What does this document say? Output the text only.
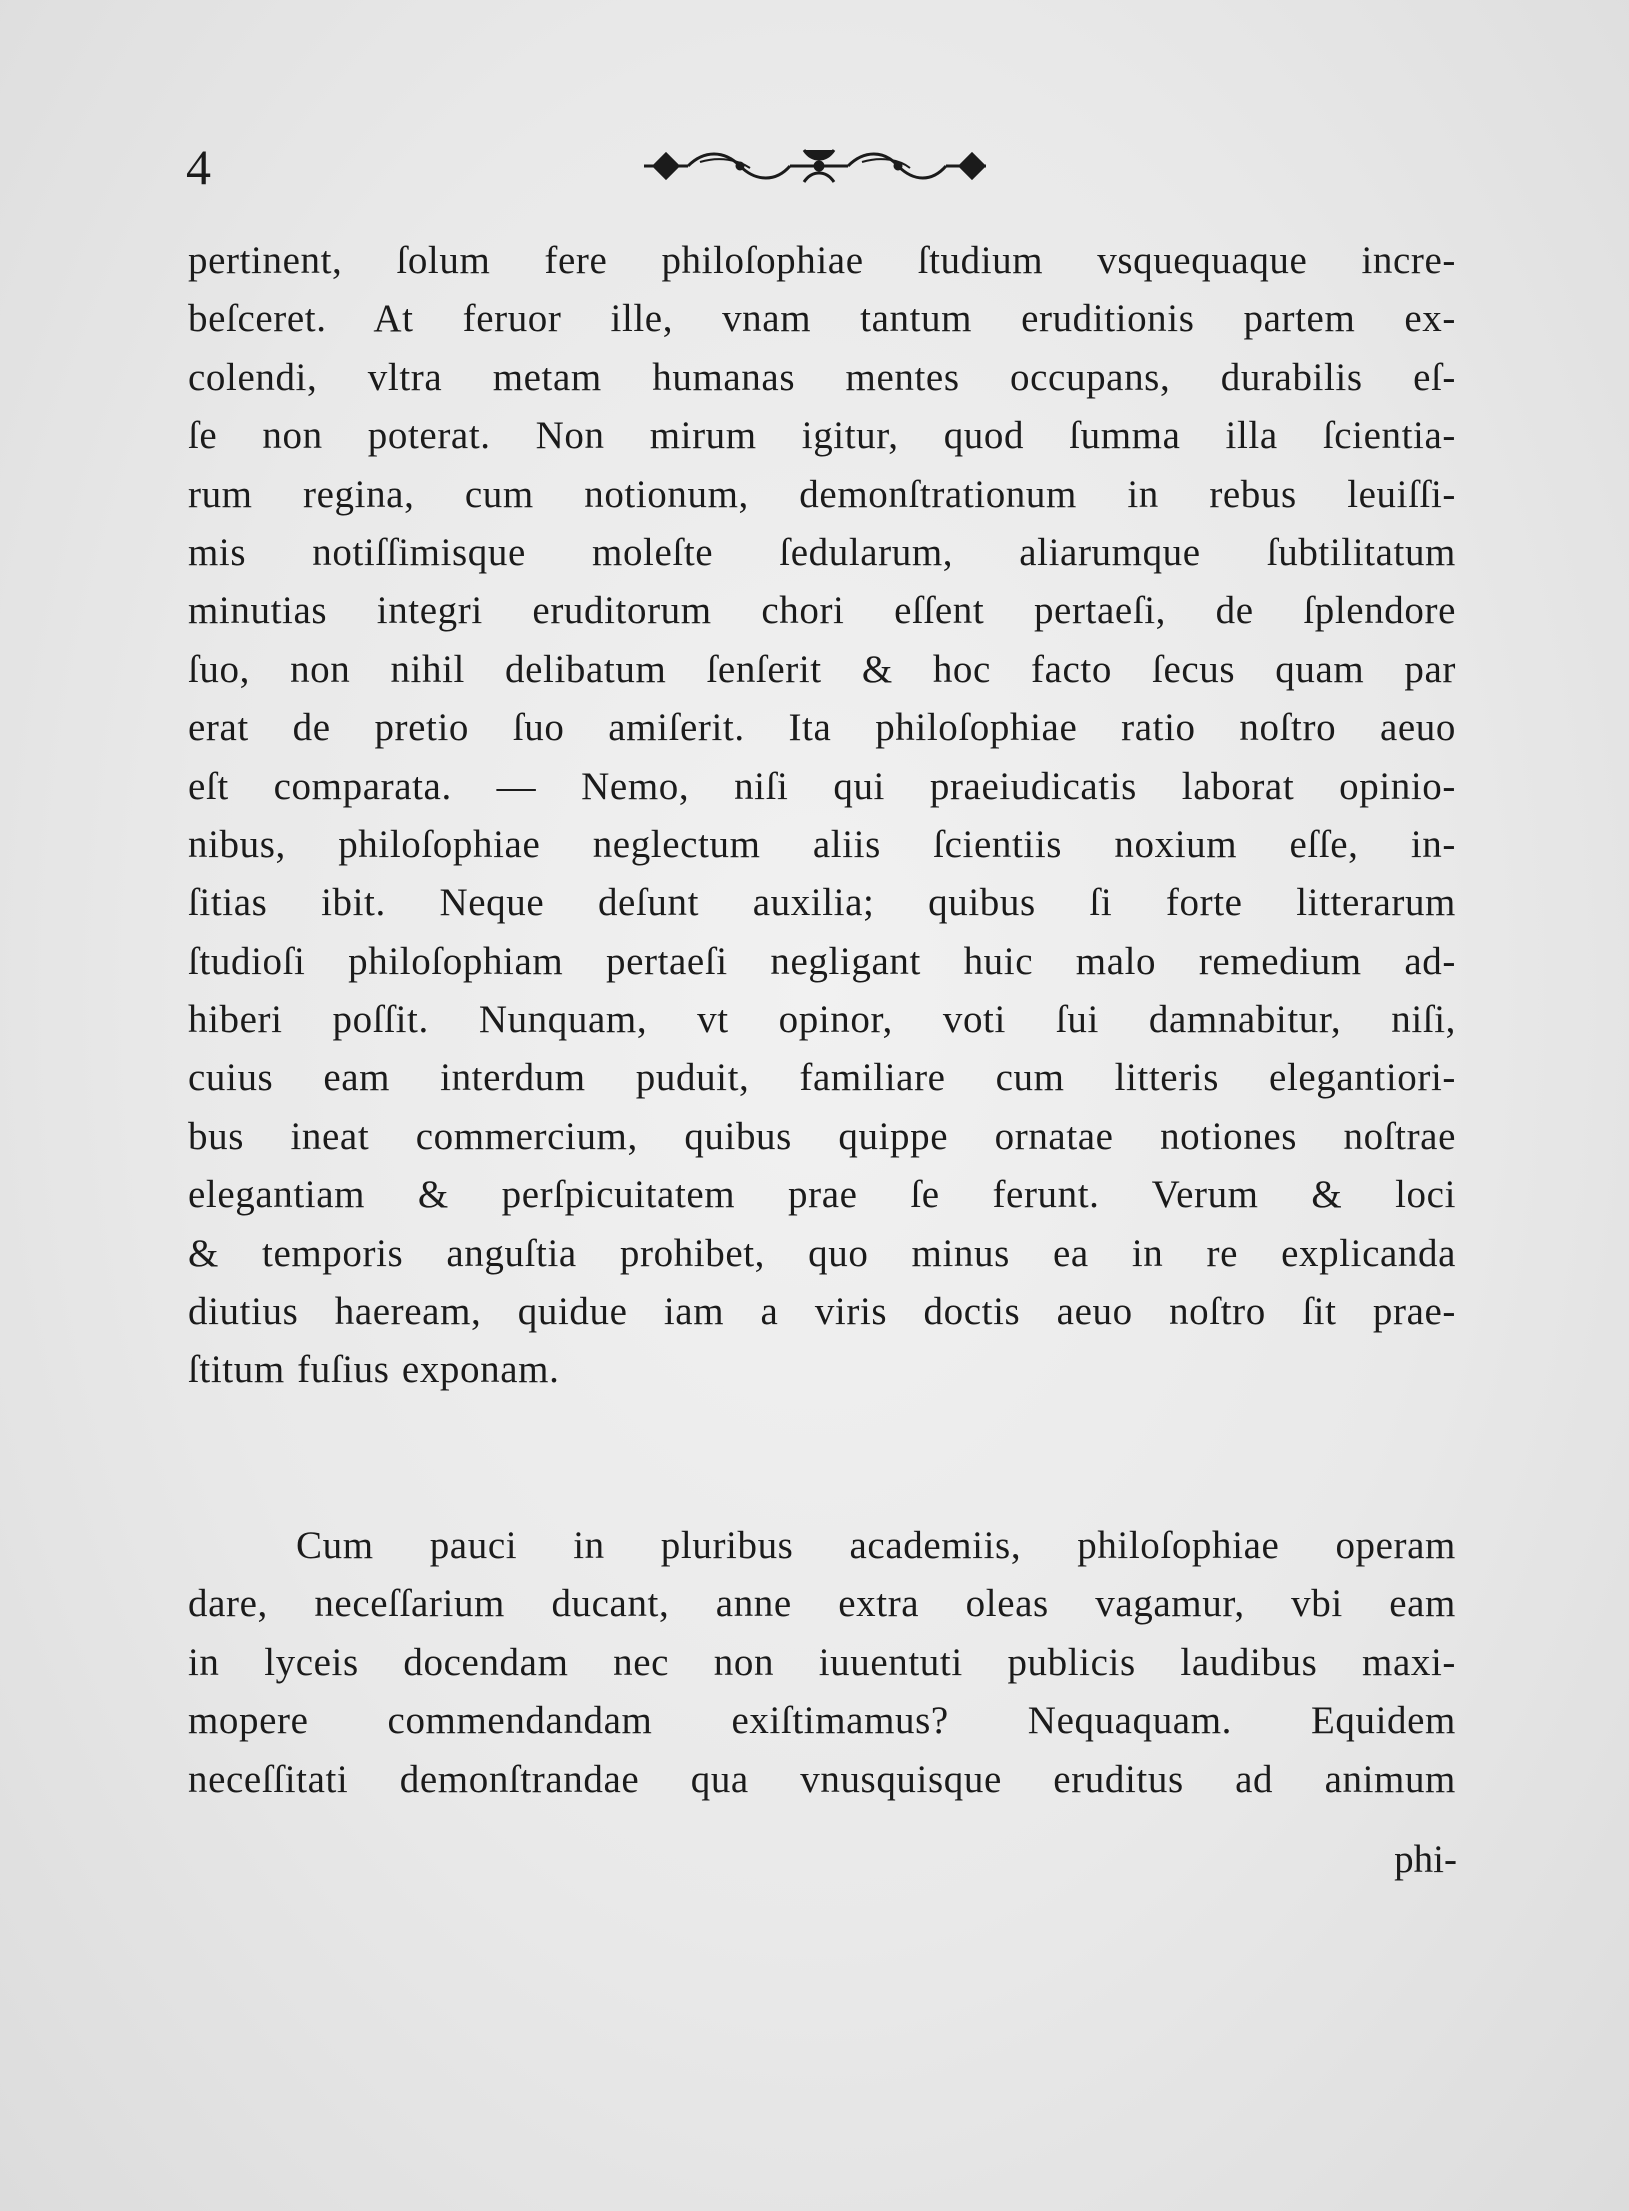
4
pertinent, ſolum fere philoſophiae ſtudium vsquequaque incre-
beſceret. At feruor ille, vnam tantum eruditionis partem ex-
colendi, vltra metam humanas mentes occupans, durabilis eſ-
ſe non poterat. Non mirum igitur, quod ſumma illa ſcientia-
rum regina, cum notionum, demonſtrationum in rebus leuiſſi-
mis notiſſimisque moleſte ſedularum, aliarumque ſubtilitatum
minutias integri eruditorum chori eſſent pertaeſi, de ſplendore
ſuo, non nihil delibatum ſenſerit & hoc facto ſecus quam par
erat de pretio ſuo amiſerit. Ita philoſophiae ratio noſtro aeuo
eſt comparata. — Nemo, niſi qui praeiudicatis laborat opinio-
nibus, philoſophiae neglectum aliis ſcientiis noxium eſſe, in-
ſitias ibit. Neque deſunt auxilia; quibus ſi forte litterarum
ſtudioſi philoſophiam pertaeſi negligant huic malo remedium ad-
hiberi poſſit. Nunquam, vt opinor, voti ſui damnabitur, niſi,
cuius eam interdum puduit, familiare cum litteris elegantiori-
bus ineat commercium, quibus quippe ornatae notiones noſtrae
elegantiam & perſpicuitatem prae ſe ferunt. Verum & loci
& temporis anguſtia prohibet, quo minus ea in re explicanda
diutius haeream, quidue iam a viris doctis aeuo noſtro ſit prae-
ſtitum fuſius exponam.
Cum pauci in pluribus academiis, philoſophiae operam
dare, neceſſarium ducant, anne extra oleas vagamur, vbi eam
in lyceis docendam nec non iuuentuti publicis laudibus maxi-
mopere commendandam exiſtimamus? Nequaquam. Equidem
neceſſitati demonſtrandae qua vnusquisque eruditus ad animum
phi-
